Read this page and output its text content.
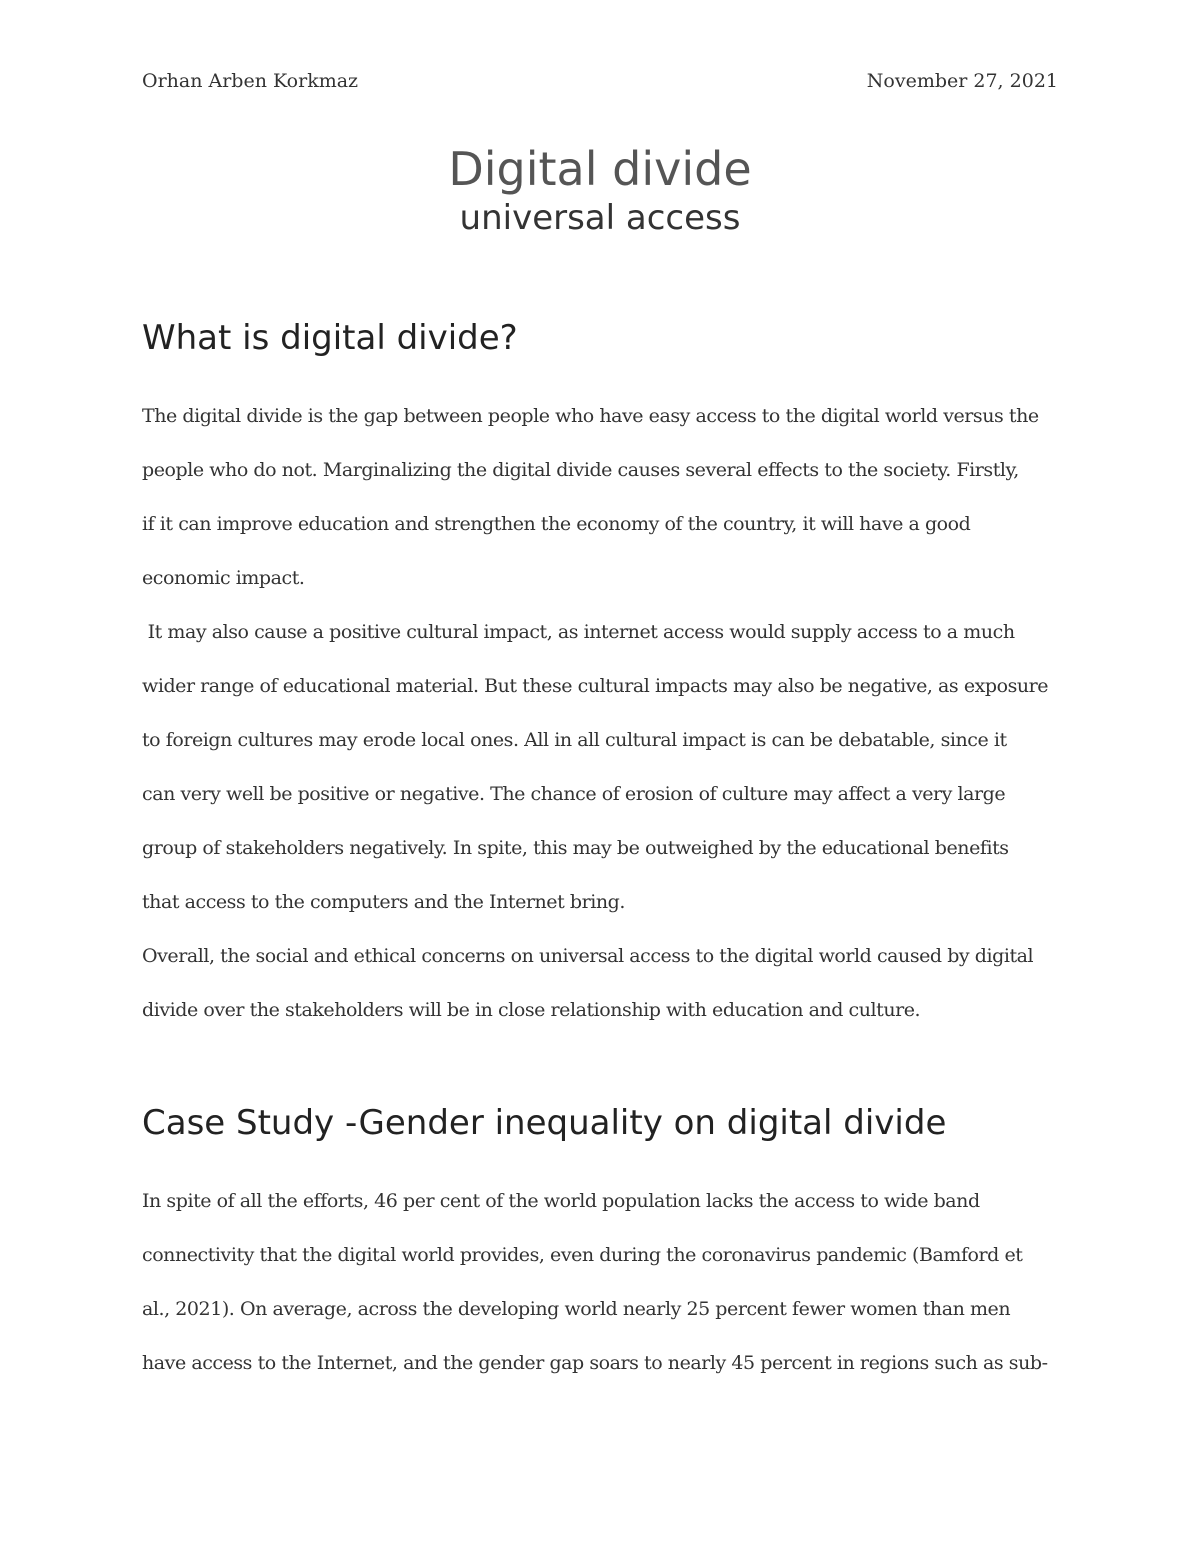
Orhan Arben Korkmaz	November 27, 2021
Digital divide
universal access
What is digital divide?
The digital divide is the gap between people who have easy access to the digital world versus the
people who do not. Marginalizing the digital divide causes several effects to the society. Firstly,
if it can improve education and strengthen the economy of the country, it will have a good
economic impact.
It may also cause a positive cultural impact, as internet access would supply access to a much
wider range of educational material. But these cultural impacts may also be negative, as exposure
to foreign cultures may erode local ones. All in all cultural impact is can be debatable, since it
can very well be positive or negative. The chance of erosion of culture may affect a very large
group of stakeholders negatively. In spite, this may be outweighed by the educational benefits
that access to the computers and the Internet bring.
Overall, the social and ethical concerns on universal access to the digital world caused by digital
divide over the stakeholders will be in close relationship with education and culture.
Case Study -Gender inequality on digital divide
In spite of all the efforts, 46 per cent of the world population lacks the access to wide band
connectivity that the digital world provides, even during the coronavirus pandemic (Bamford et
al., 2021). On average, across the developing world nearly 25 percent fewer women than men
have access to the Internet, and the gender gap soars to nearly 45 percent in regions such as sub-
